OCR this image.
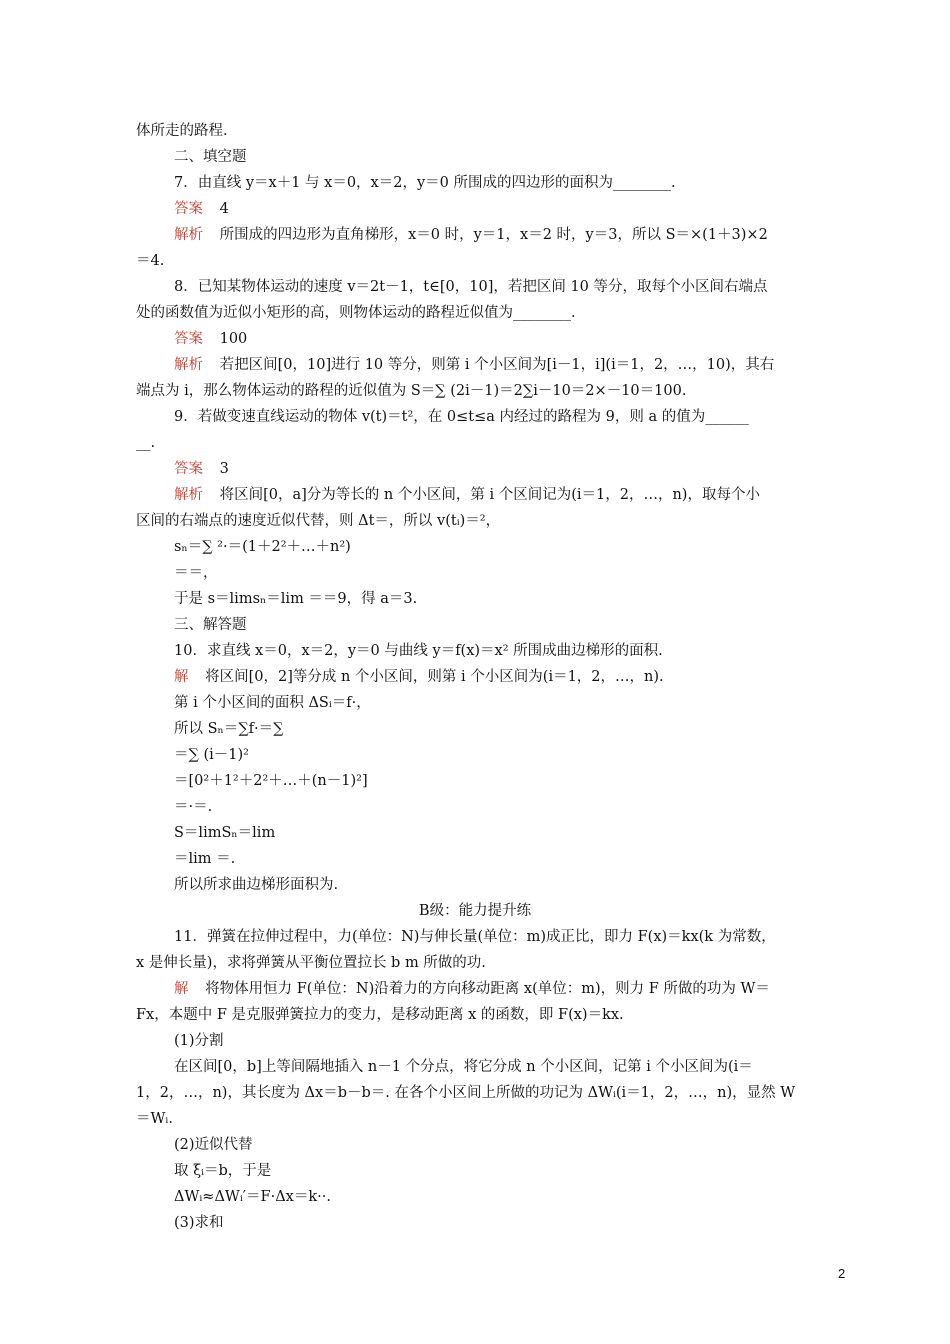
体所走的路程.
二、填空题
7．由直线 y＝x＋1 与 x＝0，x＝2，y＝0 所围成的四边形的面积为________.
答案 4
解析 所围成的四边形为直角梯形，x＝0 时，y＝1，x＝2 时，y＝3，所以 S＝×(1＋3)×2
＝4.
8．已知某物体运动的速度 v＝2t－1，t∈[0，10]，若把区间 10 等分，取每个小区间右端点
处的函数值为近似小矩形的高，则物体运动的路程近似值为________.
答案 100
解析 若把区间[0，10]进行 10 等分，则第 i 个小区间为[i－1，i](i＝1，2，…，10)，其右
端点为 i，那么物体运动的路程的近似值为 S＝∑ (2i－1)＝2∑i－10＝2×－10＝100.
9．若做变速直线运动的物体 v(t)＝t²，在 0≤t≤a 内经过的路程为 9，则 a 的值为______
__.
答案 3
解析 将区间[0，a]分为等长的 n 个小区间，第 i 个区间记为(i＝1，2，…，n)，取每个小
区间的右端点的速度近似代替，则 Δt＝，所以 v(tᵢ)＝²，
sₙ＝∑ ²·＝(1＋2²＋…＋n²)
＝＝，
于是 s＝limsₙ＝lim ＝＝9，得 a＝3.
三、解答题
10．求直线 x＝0，x＝2，y＝0 与曲线 y＝f(x)＝x² 所围成曲边梯形的面积.
解 将区间[0，2]等分成 n 个小区间，则第 i 个小区间为(i＝1，2，…，n).
第 i 个小区间的面积 ΔSᵢ＝f·，
所以 Sₙ＝∑f·＝∑
＝∑ (i－1)²
＝[0²＋1²＋2²＋…＋(n－1)²]
＝·＝.
S＝limSₙ＝lim
＝lim ＝.
所以所求曲边梯形面积为.
B级：能力提升练
11．弹簧在拉伸过程中，力(单位：N)与伸长量(单位：m)成正比，即力 F(x)＝kx(k 为常数，
x 是伸长量)，求将弹簧从平衡位置拉长 b m 所做的功.
解 将物体用恒力 F(单位：N)沿着力的方向移动距离 x(单位：m)，则力 F 所做的功为 W＝
Fx，本题中 F 是克服弹簧拉力的变力，是移动距离 x 的函数，即 F(x)＝kx.
(1)分割
在区间[0，b]上等间隔地插入 n－1 个分点，将它分成 n 个小区间，记第 i 个小区间为(i＝
1，2，…，n)，其长度为 Δx＝b－b＝. 在各个小区间上所做的功记为 ΔWᵢ(i＝1，2，…，n)，显然 W
＝Wᵢ.
(2)近似代替
取 ξᵢ＝b，于是
ΔWᵢ≈ΔWᵢ′＝F·Δx＝k··.
(3)求和
2
